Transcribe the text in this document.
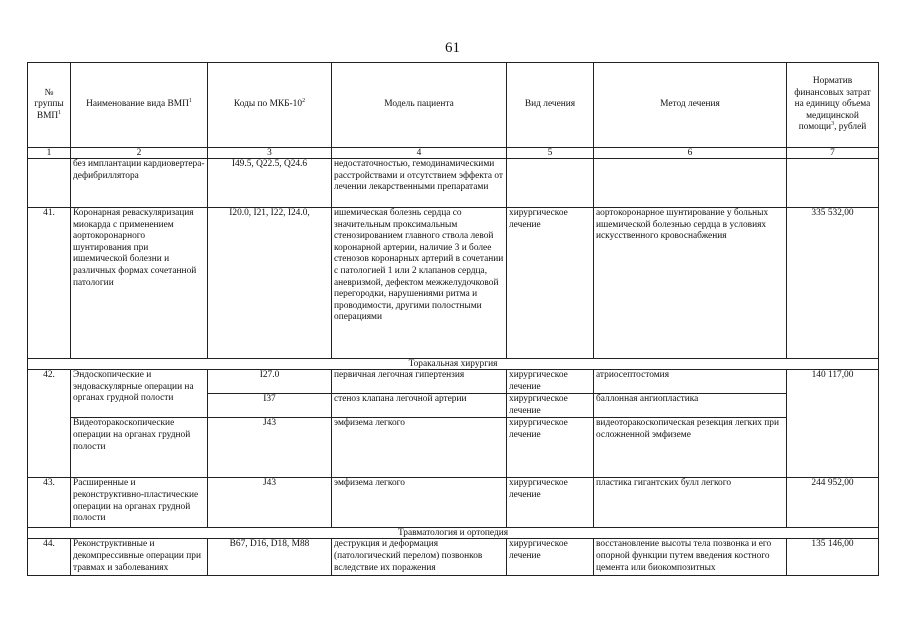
61
№ группы ВМП$^1$	Наименование вида ВМП$^1$	Коды по МКБ-$10^2$	Модель пациента	Вид лечения	Метод лечения	Норматив финансовых затрат на единицу объема медицинской помощи$^3$, рублей
1	2	3	4	5	6	7
	без имплантации кардиовертера-дефибриллятора	I49.5, Q22.5, Q24.6	недостаточностью, гемодинамическими расстройствами и отсутствием эффекта от лечении лекарственными препаратами			
41.	Коронарная реваскуляризация миокарда с применением аортокоронарного шунтирования при ишемической болезни и различных формах сочетанной патологии	I20.0, I21, I22, I24.0,	ишемическая болезнь сердца со значительным проксимальным стенозированием главного ствола левой коронарной артерии, наличие 3 и более стенозов коронарных артерий в сочетании с патологией 1 или 2 клапанов сердца, аневризмой, дефектом межжелудочковой перегородки, нарушениями ритма и проводимости, другими полостными операциями	хирургическое лечение	аортокоронарное шунтирование у больных ишемической болезнью сердца в условиях искусственного кровоснабжения	335 532,00
Торакальная хирургия						
42.	Эндоскопические и эндоваскулярные операции на органах грудной полости	I27.0	первичная легочная гипертензия	хирургическое лечение	атриосептостомия	140 117,00
		I37	стеноз клапана легочной артерии	хирургическое лечение	баллонная ангиопластика	
	Видеоторакоскопические операции на органах грудной полости	J43	эмфизема легкого	хирургическое лечение	видеоторакоскопическая резекция легких при осложненной эмфиземе	
43.	Расширенные и реконструктивно-пластические операции на органах грудной полости	J43	эмфизема легкого	хирургическое лечение	пластика гигантских булл легкого	244 952,00
Травматология и ортопедия						
44.	Реконструктивные и декомпрессивные операции при травмах и заболеваниях	B67, D16, D18, M88	деструкция и деформация (патологический перелом) позвонков вследствие их поражения	хирургическое лечение	восстановление высоты тела позвонка и его опорной функции путем введения костного цемента или биокомпозитных	135 146,00
